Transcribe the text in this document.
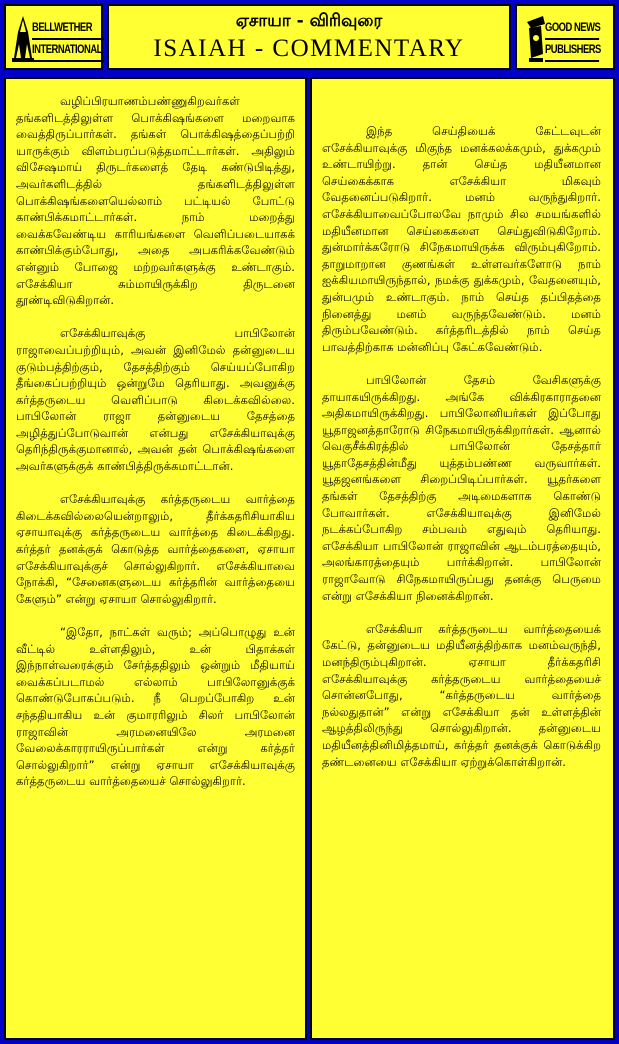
BELLWETHER
INTERNATIONAL
ஏசாயா - விரிவுரை
ISAIAH - COMMENTARY
GOOD NEWS
PUBLISHERS

வழிப்பிரயாணம்பண்ணுகிறவர்கள் தங்களிடத்திலுள்ள பொக்கிஷங்களை மறைவாக வைத்திருப்பார்கள். தங்கள் பொக்கிஷத்தைப்பற்றி யாருக்கும் விளம்பரப்படுத்தமாட்டார்கள். அதிலும் விசேஷமாய் திருடர்களைத் தேடி கண்டுபிடித்து, அவர்களிடத்தில் தங்களிடத்திலுள்ள பொக்கிஷங்களையெல்லாம் பட்டியல் போட்டு காண்பிக்கமாட்டார்கள். நாம் மறைத்து வைக்கவேண்டிய காரியங்களை வெளிப்படையாகக் காண்பிக்கும்போது, அதை அபகரிக்கவேண்டும் என்னும் போஜை மற்றவர்களுக்கு உண்டாகும். எசேக்கியா சும்மாயிருக்கிற திருடனை தூண்டிவிடுகிறான்.

எசேக்கியாவுக்கு பாபிலோன் ராஜாவைப்பற்றியும், அவன் இனிமேல் தன்னுடைய குடும்பத்திற்கும், தேசத்திற்கும் செய்யப்போகிற தீங்கைப்பற்றியும் ஒன்றுமே தெரியாது. அவனுக்கு கர்த்தருடைய வெளிப்பாடு கிடைக்கவில்லை. பாபிலோன் ராஜா தன்னுடைய தேசத்தை அழித்துப்போடுவான் என்பது எசேக்கியாவுக்கு தெரிந்திருக்குமானால், அவன் தன் பொக்கிஷங்களை அவர்களுக்குக் காண்பித்திருக்கமாட்டான்.

எசேக்கியாவுக்கு கர்த்தருடைய வார்த்தை கிடைக்கவில்லையென்றாலும், தீர்க்கதரிசியாகிய ஏசாயாவுக்கு கர்த்தருடைய வார்த்தை கிடைக்கிறது. கர்த்தர் தனக்குக் கொடுத்த வார்த்தைகளை, ஏசாயா எசேக்கியாவுக்குச் சொல்லுகிறார். எசேக்கியாவை நோக்கி, “சேனைகளுடைய கர்த்தரின் வார்த்தையை கேளும்” என்று ஏசாயா சொல்லுகிறார்.

“இதோ, நாட்கள் வரும்; அப்பொழுது உன் வீட்டில் உள்ளதிலும், உன் பிதாக்கள் இந்நாள்வரைக்கும் சேர்த்ததிலும் ஒன்றும் மீதியாய் வைக்கப்படாமல் எல்லாம் பாபிலோனுக்குக் கொண்டுபோகப்படும். நீ பெறப்போகிற உன் சந்ததியாகிய உன் குமாரரிலும் சிலர் பாபிலோன் ராஜாவின் அரமனையிலே அரமனை வேலைக்காரராயிருப்பார்கள் என்று கர்த்தர் சொல்லுகிறார்” என்று ஏசாயா எசேக்கியாவுக்கு கர்த்தருடைய வார்த்தையைச் சொல்லுகிறார்.

இந்த செய்தியைக் கேட்டவுடன் எசேக்கியாவுக்கு மிகுந்த மனக்கலக்கமும், துக்கமும் உண்டாயிற்று. தான் செய்த மதியீனமான செய்கைக்காக எசேக்கியா மிகவும் வேதனைப்படுகிறார். மனம் வருந்துகிறார். எசேக்கியாவைப்போலவே நாமும் சில சமயங்களில் மதியீனமான செய்கைகளை செய்துவிடுகிறோம். துன்மார்க்கரோடு சிநேகமாயிருக்க விரும்புகிறோம். தாறுமாறான குணங்கள் உள்ளவர்களோடு நாம் ஐக்கியமாயிருந்தால், நமக்கு துக்கமும், வேதனையும், துன்பமும் உண்டாகும். நாம் செய்த தப்பிதத்தை நினைத்து மனம் வருந்தவேண்டும். மனம் திரும்பவேண்டும். கர்த்தரிடத்தில் நாம் செய்த பாவத்திற்காக மன்னிப்பு கேட்கவேண்டும்.

பாபிலோன் தேசம் வேசிகளுக்கு தாயாகயிருக்கிறது. அங்கே விக்கிரகாராதனை அதிகமாயிருக்கிறது. பாபிலோனியர்கள் இப்போது யூதாஜனத்தாரோடு சிநேகமாயிருக்கிறார்கள். ஆனால் வெகுசீக்கிரத்தில் பாபிலோன் தேசத்தார் யூதாதேசத்தின்மீது யுத்தம்பண்ண வருவார்கள். யூதஜனங்களை சிறைப்பிடிப்பார்கள். யூதர்களை தங்கள் தேசத்திற்கு அடிமைகளாக கொண்டு போவார்கள். எசேக்கியாவுக்கு இனிமேல் நடக்கப்போகிற சம்பவம் எதுவும் தெரியாது. எசேக்கியா பாபிலோன் ராஜாவின் ஆடம்பரத்தையும், அலங்காரத்தையும் பார்க்கிறான். பாபிலோன் ராஜாவோடு சிநேகமாயிருப்பது தனக்கு பெருமை என்று எசேக்கியா நினைக்கிறான்.

எசேக்கியா கர்த்தருடைய வார்த்தையைக் கேட்டு, தன்னுடைய மதியீனத்திற்காக மனம்வருந்தி, மனந்திரும்புகிறான். ஏசாயா தீர்க்கதரிசி எசேக்கியாவுக்கு கர்த்தருடைய வார்த்தையைச் சொன்னபோது, “கர்த்தருடைய வார்த்தை நல்லதுதான்” என்று எசேக்கியா தன் உள்ளத்தின் ஆழத்திலிருந்து சொல்லுகிறான். தன்னுடைய மதியீனத்தினிமித்தமாய், கர்த்தர் தனக்குக் கொடுக்கிற தண்டனையை எசேக்கியா ஏற்றுக்கொள்கிறான்.
